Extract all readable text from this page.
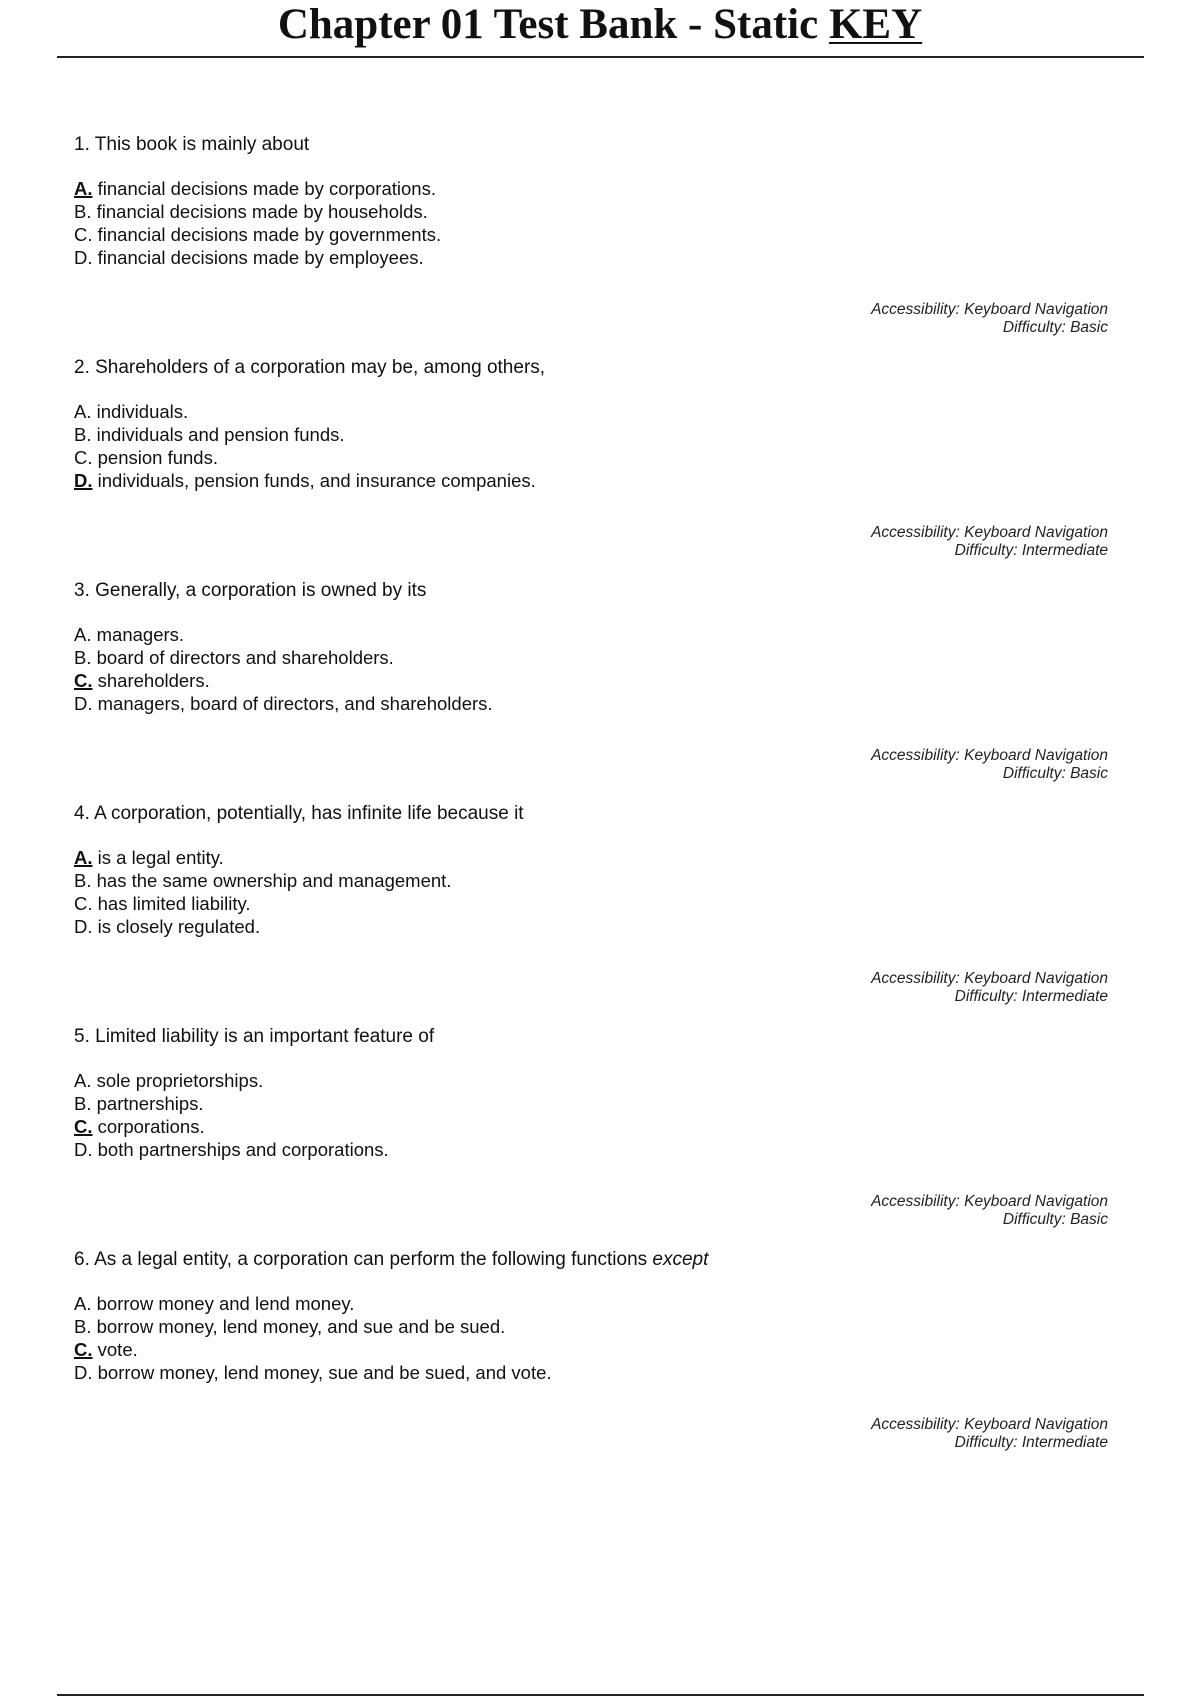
Chapter 01 Test Bank - Static KEY

1. This book is mainly about

A. financial decisions made by corporations.
B. financial decisions made by households.
C. financial decisions made by governments.
D. financial decisions made by employees.
Accessibility: Keyboard Navigation
Difficulty: Basic

2. Shareholders of a corporation may be, among others,

A. individuals.
B. individuals and pension funds.
C. pension funds.
D. individuals, pension funds, and insurance companies.
Accessibility: Keyboard Navigation
Difficulty: Intermediate

3. Generally, a corporation is owned by its

A. managers.
B. board of directors and shareholders.
C. shareholders.
D. managers, board of directors, and shareholders.
Accessibility: Keyboard Navigation
Difficulty: Basic

4. A corporation, potentially, has infinite life because it

A. is a legal entity.
B. has the same ownership and management.
C. has limited liability.
D. is closely regulated.
Accessibility: Keyboard Navigation
Difficulty: Intermediate

5. Limited liability is an important feature of

A. sole proprietorships.
B. partnerships.
C. corporations.
D. both partnerships and corporations.
Accessibility: Keyboard Navigation
Difficulty: Basic

6. As a legal entity, a corporation can perform the following functions except

A. borrow money and lend money.
B. borrow money, lend money, and sue and be sued.
C. vote.
D. borrow money, lend money, sue and be sued, and vote.
Accessibility: Keyboard Navigation
Difficulty: Intermediate
